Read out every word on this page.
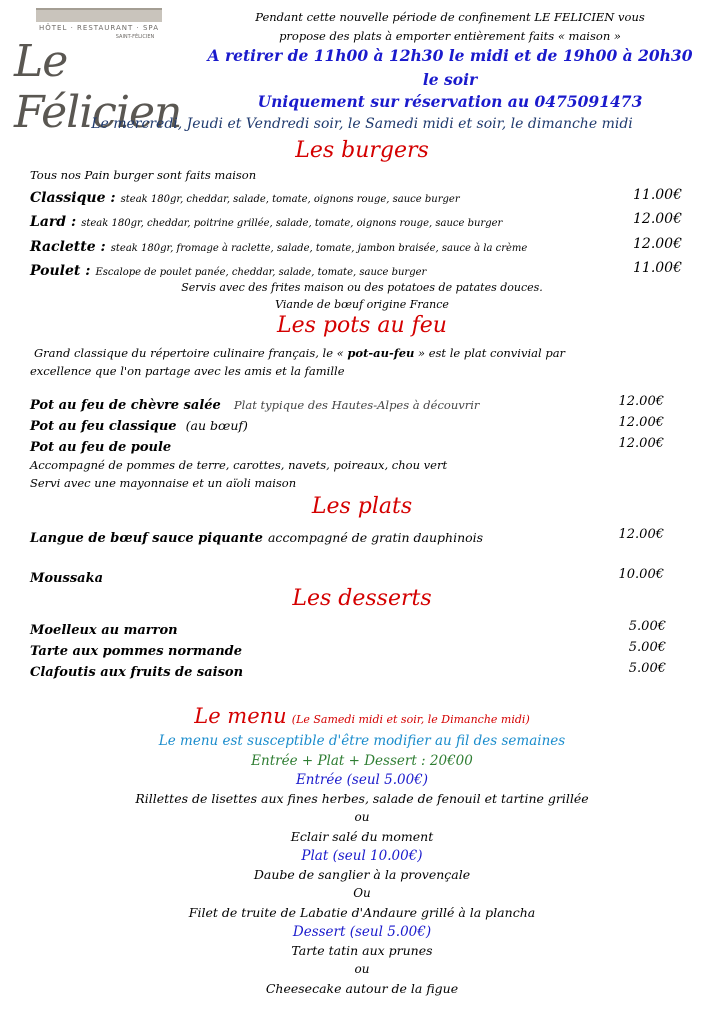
HÔTEL · RESTAURANT · SPA
SAINT-FÉLICIEN
Le Félicien
Pendant cette nouvelle période de confinement LE FELICIEN vous
propose des plats à emporter entièrement faits « maison »
A retirer de 11h00 à 12h30 le midi et de 19h00 à 20h30
le soir
Uniquement sur réservation au 0475091473
Le mercredi, Jeudi et Vendredi soir, le Samedi midi et soir, le dimanche midi
Les burgers
Tous nos Pain burger sont faits maison
Classique : steak 180gr, cheddar, salade, tomate, oignons rouge, sauce burger	11.00€
Lard : steak 180gr, cheddar, poitrine grillée, salade, tomate, oignons rouge, sauce burger	12.00€
Raclette : steak 180gr, fromage à raclette, salade, tomate, jambon braisée, sauce à la crème	12.00€
Poulet : Escalope de poulet panée, cheddar, salade, tomate, sauce burger	11.00€
Servis avec des frites maison ou des potatoes de patates douces.
Viande de bœuf origine France
Les pots au feu
Grand classique du répertoire culinaire français, le « pot-au-feu » est le plat convivial par
excellence que l'on partage avec les amis et la famille
Pot au feu de chèvre salée Plat typique des Hautes-Alpes à découvrir	12.00€
Pot au feu classique (au bœuf)	12.00€
Pot au feu de poule	12.00€
Accompagné de pommes de terre, carottes, navets, poireaux, chou vert
Servi avec une mayonnaise et un aïoli maison
Les plats
Langue de bœuf sauce piquante accompagné de gratin dauphinois	12.00€
Moussaka	10.00€
Les desserts
Moelleux au marron	5.00€
Tarte aux pommes normande	5.00€
Clafoutis aux fruits de saison	5.00€
Le menu (Le Samedi midi et soir, le Dimanche midi)
Le menu est susceptible d'être modifier au fil des semaines
Entrée + Plat + Dessert : 20€00
Entrée (seul 5.00€)
Rillettes de lisettes aux fines herbes, salade de fenouil et tartine grillée
ou
Eclair salé du moment
Plat (seul 10.00€)
Daube de sanglier à la provençale
Ou
Filet de truite de Labatie d'Andaure grillé à la plancha
Dessert (seul 5.00€)
Tarte tatin aux prunes
ou
Cheesecake autour de la figue
